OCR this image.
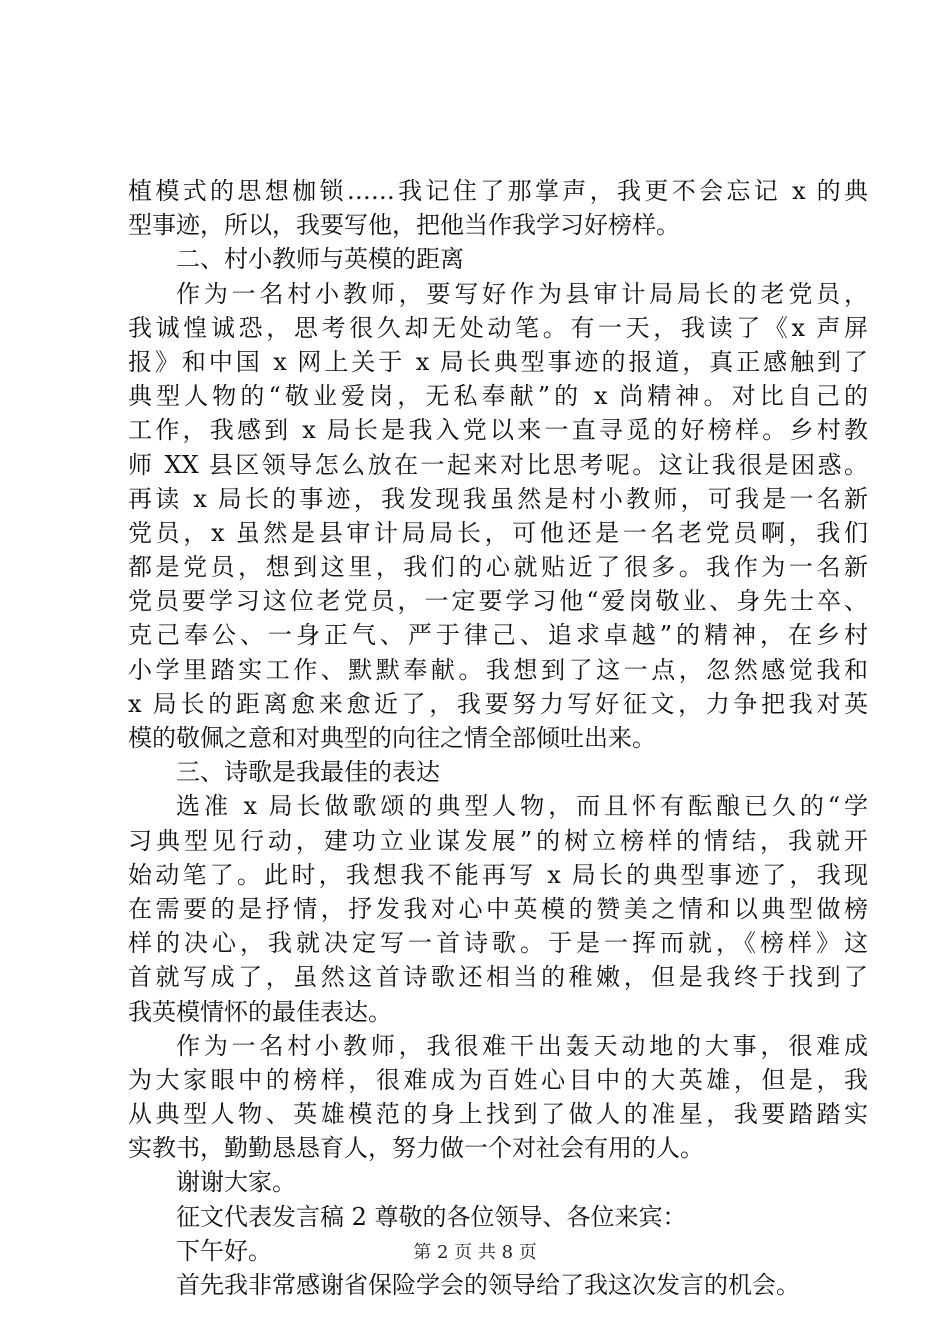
植模式的思想枷锁……我记住了那掌声，我更不会忘记 x 的典
型事迹，所以，我要写他，把他当作我学习好榜样。
二、村小教师与英模的距离
作为一名村小教师，要写好作为县审计局局长的老党员，
我诚惶诚恐，思考很久却无处动笔。有一天，我读了《x 声屏
报》和中国 x 网上关于 x 局长典型事迹的报道，真正感触到了
典型人物的“敬业爱岗，无私奉献”的 x 尚精神。对比自己的
工作，我感到 x 局长是我入党以来一直寻觅的好榜样。乡村教
师 XX 县区领导怎么放在一起来对比思考呢。这让我很是困惑。
再读 x 局长的事迹，我发现我虽然是村小教师，可我是一名新
党员，x 虽然是县审计局局长，可他还是一名老党员啊，我们
都是党员，想到这里，我们的心就贴近了很多。我作为一名新
党员要学习这位老党员，一定要学习他“爱岗敬业、身先士卒、
克己奉公、一身正气、严于律己、追求卓越”的精神，在乡村
小学里踏实工作、默默奉献。我想到了这一点，忽然感觉我和
x 局长的距离愈来愈近了，我要努力写好征文，力争把我对英
模的敬佩之意和对典型的向往之情全部倾吐出来。
三、诗歌是我最佳的表达
选准 x 局长做歌颂的典型人物，而且怀有酝酿已久的“学
习典型见行动，建功立业谋发展”的树立榜样的情结，我就开
始动笔了。此时，我想我不能再写 x 局长的典型事迹了，我现
在需要的是抒情，抒发我对心中英模的赞美之情和以典型做榜
样的决心，我就决定写一首诗歌。于是一挥而就，《榜样》这
首就写成了，虽然这首诗歌还相当的稚嫩，但是我终于找到了
我英模情怀的最佳表达。
作为一名村小教师，我很难干出轰天动地的大事，很难成
为大家眼中的榜样，很难成为百姓心目中的大英雄，但是，我
从典型人物、英雄模范的身上找到了做人的准星，我要踏踏实
实教书，勤勤恳恳育人，努力做一个对社会有用的人。
谢谢大家。
征文代表发言稿 2 尊敬的各位领导、各位来宾：
下午好。
首先我非常感谢省保险学会的领导给了我这次发言的机会。
第 2 页 共 8 页
